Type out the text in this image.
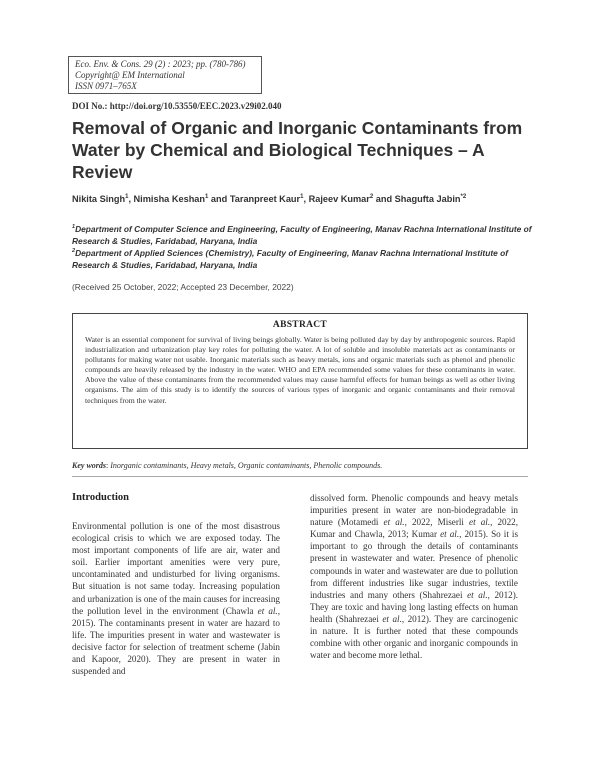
Eco. Env. & Cons. 29 (2) : 2023; pp. (780-786)
Copyright@ EM International
ISSN 0971–765X
DOI No.: http://doi.org/10.53550/EEC.2023.v29i02.040
Removal of Organic and Inorganic Contaminants from Water by Chemical and Biological Techniques – A Review
Nikita Singh$^1$, Nimisha Keshan$^1$ and Taranpreet Kaur$^1$, Rajeev Kumar$^2$ and Shagufta Jabin$^{*2}$
$^1$Department of Computer Science and Engineering, Faculty of Engineering, Manav Rachna International Institute of Research & Studies, Faridabad, Haryana, India
$^2$Department of Applied Sciences (Chemistry), Faculty of Engineering, Manav Rachna International Institute of Research & Studies, Faridabad, Haryana, India
(Received 25 October, 2022; Accepted 23 December, 2022)
ABSTRACT
Water is an essential component for survival of living beings globally. Water is being polluted day by day by anthropogenic sources. Rapid industrialization and urbanization play key roles for polluting the water. A lot of soluble and insoluble materials act as contaminants or pollutants for making water not usable. Inorganic materials such as heavy metals, ions and organic materials such as phenol and phenolic compounds are heavily released by the industry in the water. WHO and EPA recommended some values for these contaminants in water. Above the value of these contaminants from the recommended values may cause harmful effects for human beings as well as other living organisms. The aim of this study is to identify the sources of various types of inorganic and organic contaminants and their removal techniques from the water.
Key words: Inorganic contaminants, Heavy metals, Organic contaminants, Phenolic compounds.
Introduction
Environmental pollution is one of the most disastrous ecological crisis to which we are exposed today. The most important components of life are air, water and soil. Earlier important amenities were very pure, uncontaminated and undisturbed for living organisms. But situation is not same today. Increasing population and urbanization is one of the main causes for increasing the pollution level in the environment (Chawla et al., 2015). The contaminants present in water are hazard to life. The impurities present in water and wastewater is decisive factor for selection of treatment scheme (Jabin and Kapoor, 2020). They are present in water in suspended and
dissolved form. Phenolic compounds and heavy metals impurities present in water are non-biodegradable in nature (Motamedi et al., 2022, Miserli et al., 2022, Kumar and Chawla, 2013; Kumar et al., 2015). So it is important to go through the details of contaminants present in wastewater and water. Presence of phenolic compounds in water and wastewater are due to pollution from different industries like sugar industries, textile industries and many others (Shahrezaei et al., 2012). They are toxic and having long lasting effects on human health (Shahrezaei et al., 2012). They are carcinogenic in nature. It is further noted that these compounds combine with other organic and inorganic compounds in water and become more lethal.
